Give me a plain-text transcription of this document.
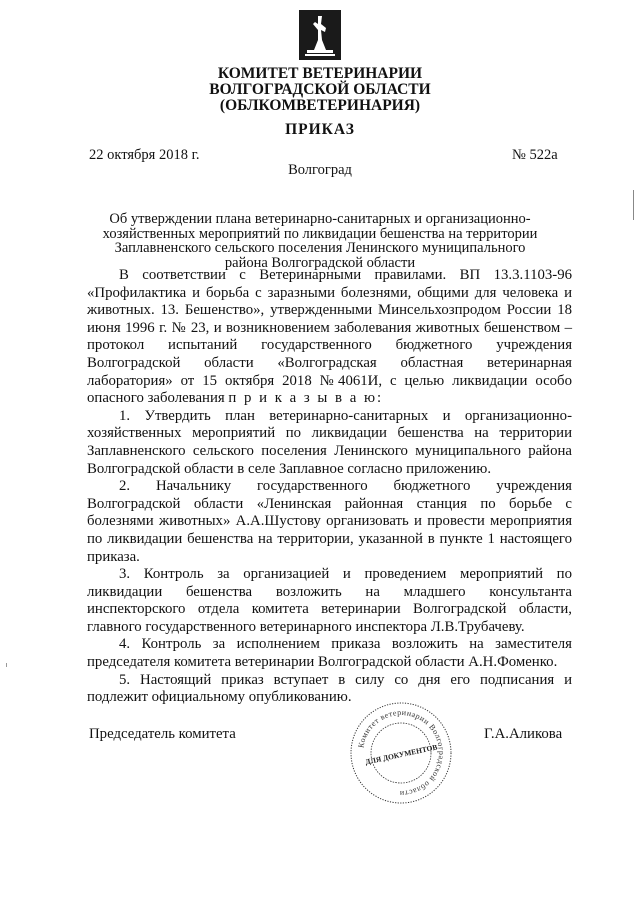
КОМИТЕТ ВЕТЕРИНАРИИ
ВОЛГОГРАДСКОЙ ОБЛАСТИ
(ОБЛКОМВЕТЕРИНАРИЯ)
ПРИКАЗ
22 октября 2018 г.	№ 522а
Волгоград
Об утверждении плана ветеринарно-санитарных и организационно-хозяйственных мероприятий по ликвидации бешенства на территории Заплавненского сельского поселения Ленинского муниципального района Волгоградской области

В соответствии с Ветеринарными правилами. ВП 13.3.1103-96 «Профилактика и борьба с заразными болезнями, общими для человека и животных. 13. Бешенство», утвержденными Минсельхозпродом России 18 июня 1996 г. № 23, и возникновением заболевания животных бешенством – протокол испытаний государственного бюджетного учреждения Волгоградской области «Волгоградская областная ветеринарная лаборатория» от 15 октября 2018 №4061И, с целью ликвидации особо опасного заболевания п р и к а з ы в а ю:

1. Утвердить план ветеринарно-санитарных и организационно-хозяйственных мероприятий по ликвидации бешенства на территории Заплавненского сельского поселения Ленинского муниципального района Волгоградской области в селе Заплавное согласно приложению.

2. Начальнику государственного бюджетного учреждения Волгоградской области «Ленинская районная станция по борьбе с болезнями животных» А.А.Шустову организовать и провести мероприятия по ликвидации бешенства на территории, указанной в пункте 1 настоящего приказа.

3. Контроль за организацией и проведением мероприятий по ликвидации бешенства возложить на младшего консультанта инспекторского отдела комитета ветеринарии Волгоградской области, главного государственного ветеринарного инспектора Л.В.Трубачеву.

4. Контроль за исполнением приказа возложить на заместителя председателя комитета ветеринарии Волгоградской области А.Н.Фоменко.

5. Настоящий приказ вступает в силу со дня его подписания и подлежит официальному опубликованию.

Председатель комитета	Г.А.Аликова
Комитет ветеринарии Волгоградской области
ДЛЯ ДОКУМЕНТОВ
